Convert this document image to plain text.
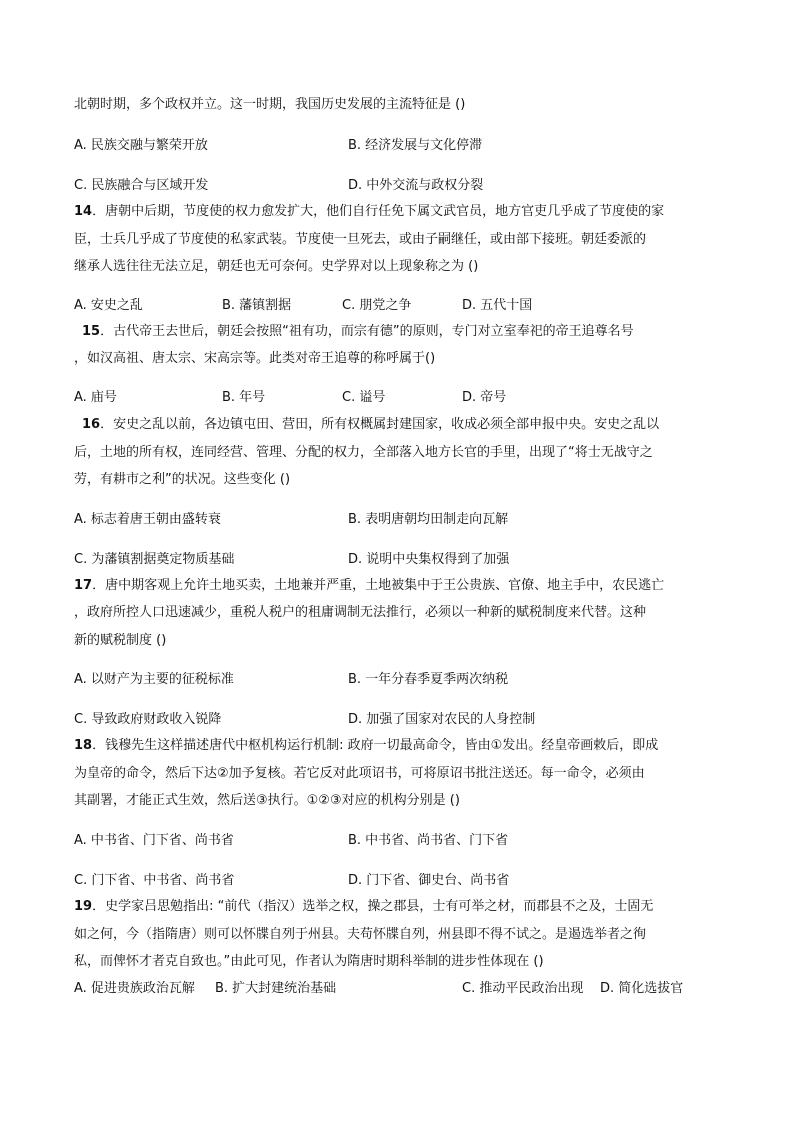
北朝时期，多个政权并立。这一时期，我国历史发展的主流特征是 ()
A. 民族交融与繁荣开放	B. 经济发展与文化停滞
C. 民族融合与区域开发	D. 中外交流与政权分裂
14．唐朝中后期，节度使的权力愈发扩大，他们自行任免下属文武官员，地方官吏几乎成了节度使的家
臣，士兵几乎成了节度使的私家武装。节度使一旦死去，或由子嗣继任，或由部下接班。朝廷委派的
继承人选往往无法立足，朝廷也无可奈何。史学界对以上现象称之为 ()
A. 安史之乱	B. 藩镇割据	C. 朋党之争	D. 五代十国
15．古代帝王去世后，朝廷会按照“祖有功，而宗有德”的原则，专门对立室奉祀的帝王追尊名号
，如汉高祖、唐太宗、宋高宗等。此类对帝王追尊的称呼属于()
A. 庙号	B. 年号	C. 谥号	D. 帝号
16．安史之乱以前，各边镇屯田、营田，所有权概属封建国家，收成必须全部申报中央。安史之乱以
后，土地的所有权，连同经营、管理、分配的权力，全部落入地方长官的手里，出现了“将士无战守之
劳，有耕市之利”的状况。这些变化 ()
A. 标志着唐王朝由盛转衰	B. 表明唐朝均田制走向瓦解
C. 为藩镇割据奠定物质基础	D. 说明中央集权得到了加强
17．唐中期客观上允许土地买卖，土地兼并严重，土地被集中于王公贵族、官僚、地主手中，农民逃亡
，政府所控人口迅速减少，重税人税户的租庸调制无法推行，必须以一种新的赋税制度来代替。这种
新的赋税制度 ()
A. 以财产为主要的征税标准	B. 一年分春季夏季两次纳税
C. 导致政府财政收入锐降	D. 加强了国家对农民的人身控制
18．钱穆先生这样描述唐代中枢机构运行机制: 政府一切最高命令，皆由①发出。经皇帝画敕后，即成
为皇帝的命令，然后下达②加予复核。若它反对此项诏书，可将原诏书批注送还。每一命令，必须由
其副署，才能正式生效，然后送③执行。①②③对应的机构分别是 ()
A. 中书省、门下省、尚书省	B. 中书省、尚书省、门下省
C. 门下省、中书省、尚书省	D. 门下省、御史台、尚书省
19．史学家吕思勉指出: “前代（指汉）选举之权，操之郡县，士有可举之材，而郡县不之及，士固无
如之何，今（指隋唐）则可以怀牒自列于州县。夫苟怀牒自列，州县即不得不试之。是遏选举者之徇
私，而俾怀才者克自致也。”由此可见，作者认为隋唐时期科举制的进步性体现在 ()
A. 促进贵族政治瓦解 B. 扩大封建统治基础	C. 推动平民政治出现 D. 简化选拔官
